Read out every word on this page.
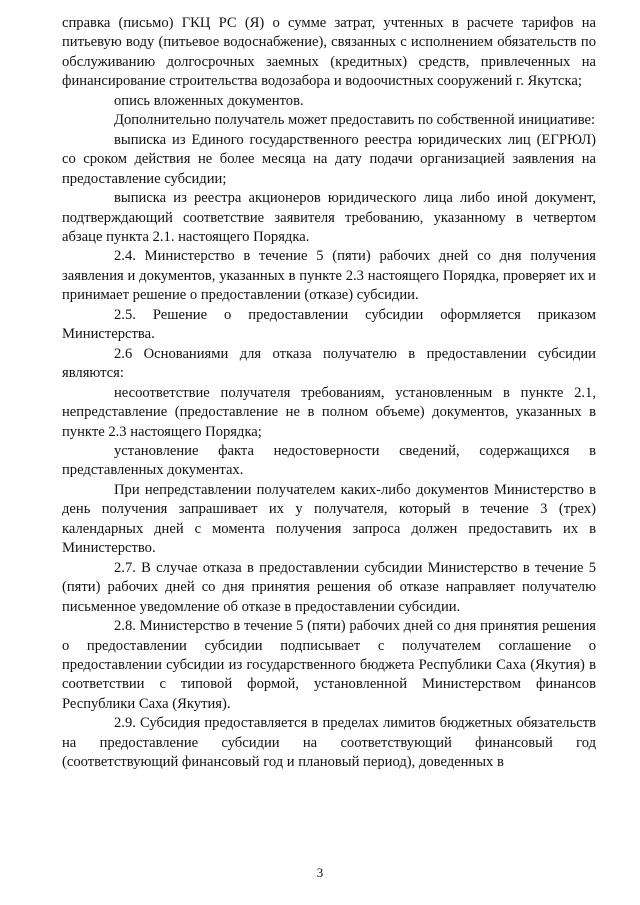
справка (письмо) ГКЦ РС (Я) о сумме затрат, учтенных в расчете тарифов на питьевую воду (питьевое водоснабжение), связанных с исполнением обязательств по обслуживанию долгосрочных заемных (кредитных) средств, привлеченных на финансирование строительства водозабора и водоочистных сооружений г. Якутска;

опись вложенных документов.

Дополнительно получатель может предоставить по собственной инициативе:

выписка из Единого государственного реестра юридических лиц (ЕГРЮЛ) со сроком действия не более месяца на дату подачи организацией заявления на предоставление субсидии;

выписка из реестра акционеров юридического лица либо иной документ, подтверждающий соответствие заявителя требованию, указанному в четвертом абзаце пункта 2.1. настоящего Порядка.

2.4. Министерство в течение 5 (пяти) рабочих дней со дня получения заявления и документов, указанных в пункте 2.3 настоящего Порядка, проверяет их и принимает решение о предоставлении (отказе) субсидии.

2.5. Решение о предоставлении субсидии оформляется приказом Министерства.

2.6 Основаниями для отказа получателю в предоставлении субсидии являются:

несоответствие получателя требованиям, установленным в пункте 2.1, непредставление (предоставление не в полном объеме) документов, указанных в пункте 2.3 настоящего Порядка;

установление факта недостоверности сведений, содержащихся в представленных документах.

При непредставлении получателем каких-либо документов Министерство в день получения запрашивает их у получателя, который в течение 3 (трех) календарных дней с момента получения запроса должен предоставить их в Министерство.

2.7. В случае отказа в предоставлении субсидии Министерство в течение 5 (пяти) рабочих дней со дня принятия решения об отказе направляет получателю письменное уведомление об отказе в предоставлении субсидии.

2.8. Министерство в течение 5 (пяти) рабочих дней со дня принятия решения о предоставлении субсидии подписывает с получателем соглашение о предоставлении субсидии из государственного бюджета Республики Саха (Якутия) в соответствии с типовой формой, установленной Министерством финансов Республики Саха (Якутия).

2.9. Субсидия предоставляется в пределах лимитов бюджетных обязательств на предоставление субсидии на соответствующий финансовый год (соответствующий финансовый год и плановый период), доведенных в

3
